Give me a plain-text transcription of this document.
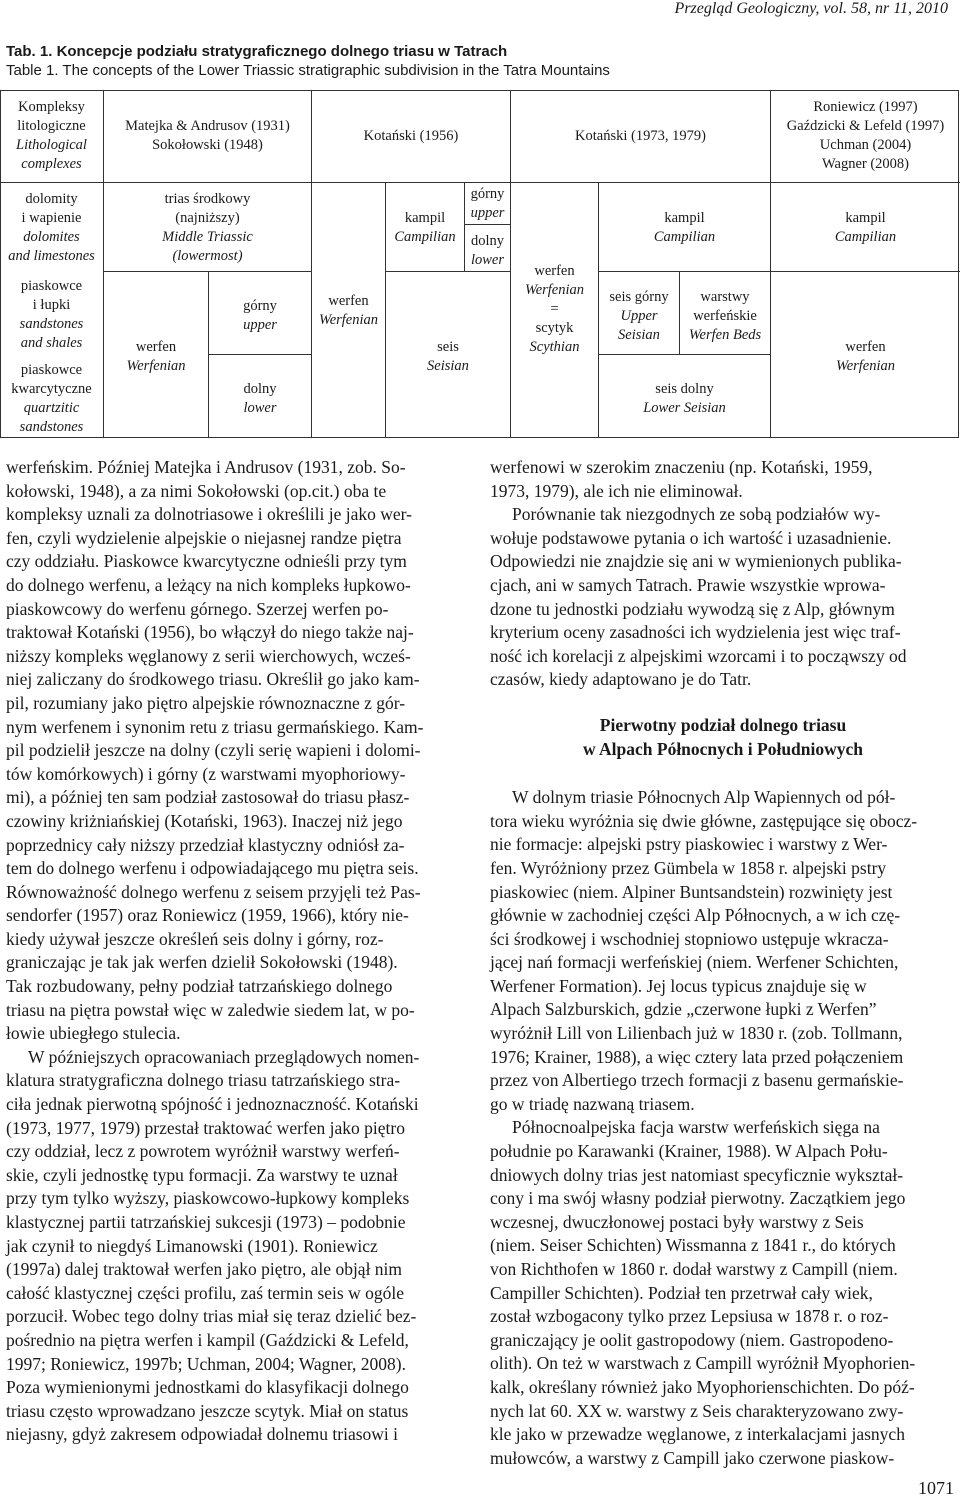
Przegląd Geologiczny, vol. 58, nr 11, 2010
Tab. 1. Koncepcje podziału stratygraficznego dolnego triasu w Tatrach
Table 1. The concepts of the Lower Triassic stratigraphic subdivision in the Tatra Mountains
Kompleksy
litologiczne
Lithological
complexes
Matejka & Andrusov (1931)
Sokołowski (1948)
Kotański (1956)	Kotański (1973, 1979)
Roniewicz (1997)
Gaździcki & Lefeld (1997)
Uchman (2004)
Wagner (2008)
dolomity
i wapienie
dolomites
and limestones
piaskowce
i łupki
sandstones
and shales
piaskowce
kwarcytyczne
quartzitic
sandstones
trias środkowy
(najniższy)
Middle Triassic
(lowermost)
werfen
Werfenian
górny
upper
dolny
lower
werfen
Werfenian
kampil
Campilian
górny
upper
dolny
lower
seis
Seisian
werfen
Werfenian
=
scytyk
Scythian
kampil
Campilian
seis górny
Upper
Seisian
warstwy
werfeńskie
Werfen Beds
seis dolny
Lower Seisian
kampil
Campilian
werfen
Werfenian

werfeńskim. Później Matejka i Andrusov (1931, zob. So-
kołowski, 1948), a za nimi Sokołowski (op.cit.) oba te
kompleksy uznali za dolnotriasowe i określili je jako wer-
fen, czyli wydzielenie alpejskie o niejasnej randze piętra
czy oddziału. Piaskowce kwarcytyczne odnieśli przy tym
do dolnego werfenu, a leżący na nich kompleks łupkowo-
piaskowcowy do werfenu górnego. Szerzej werfen po-
traktował Kotański (1956), bo włączył do niego także naj-
niższy kompleks węglanowy z serii wierchowych, wcześ-
niej zaliczany do środkowego triasu. Określił go jako kam-
pil, rozumiany jako piętro alpejskie równoznaczne z gór-
nym werfenem i synonim retu z triasu germańskiego. Kam-
pil podzielił jeszcze na dolny (czyli serię wapieni i dolomi-
tów komórkowych) i górny (z warstwami myophoriowy-
mi), a później ten sam podział zastosował do triasu płasz-
czowiny kriżniańskiej (Kotański, 1963). Inaczej niż jego
poprzednicy cały niższy przedział klastyczny odniósł za-
tem do dolnego werfenu i odpowiadającego mu piętra seis.
Równoważność dolnego werfenu z seisem przyjęli też Pas-
sendorfer (1957) oraz Roniewicz (1959, 1966), który nie-
kiedy używał jeszcze określeń seis dolny i górny, roz-
graniczając je tak jak werfen dzielił Sokołowski (1948).
Tak rozbudowany, pełny podział tatrzańskiego dolnego
triasu na piętra powstał więc w zaledwie siedem lat, w po-
łowie ubiegłego stulecia.

W późniejszych opracowaniach przeglądowych nomen-
klatura stratygraficzna dolnego triasu tatrzańskiego stra-
ciła jednak pierwotną spójność i jednoznaczność. Kotański
(1973, 1977, 1979) przestał traktować werfen jako piętro
czy oddział, lecz z powrotem wyróżnił warstwy werfeń-
skie, czyli jednostkę typu formacji. Za warstwy te uznał
przy tym tylko wyższy, piaskowcowo-łupkowy kompleks
klastycznej partii tatrzańskiej sukcesji (1973) – podobnie
jak czynił to niegdyś Limanowski (1901). Roniewicz
(1997a) dalej traktował werfen jako piętro, ale objął nim
całość klastycznej części profilu, zaś termin seis w ogóle
porzucił. Wobec tego dolny trias miał się teraz dzielić bez-
pośrednio na piętra werfen i kampil (Gaździcki & Lefeld,
1997; Roniewicz, 1997b; Uchman, 2004; Wagner, 2008).
Poza wymienionymi jednostkami do klasyfikacji dolnego
triasu często wprowadzano jeszcze scytyk. Miał on status
niejasny, gdyż zakresem odpowiadał dolnemu triasowi i

werfenowi w szerokim znaczeniu (np. Kotański, 1959,
1973, 1979), ale ich nie eliminował.
Porównanie tak niezgodnych ze sobą podziałów wy-
wołuje podstawowe pytania o ich wartość i uzasadnienie.
Odpowiedzi nie znajdzie się ani w wymienionych publika-
cjach, ani w samych Tatrach. Prawie wszystkie wprowa-
dzone tu jednostki podziału wywodzą się z Alp, głównym
kryterium oceny zasadności ich wydzielenia jest więc traf-
ność ich korelacji z alpejskimi wzorcami i to począwszy od
czasów, kiedy adaptowano je do Tatr.

Pierwotny podział dolnego triasu
w Alpach Północnych i Południowych

W dolnym triasie Północnych Alp Wapiennych od pół-
tora wieku wyróżnia się dwie główne, zastępujące się obocz-
nie formacje: alpejski pstry piaskowiec i warstwy z Wer-
fen. Wyróżniony przez Gümbela w 1858 r. alpejski pstry
piaskowiec (niem. Alpiner Buntsandstein) rozwinięty jest
głównie w zachodniej części Alp Północnych, a w ich czę-
ści środkowej i wschodniej stopniowo ustępuje wkracza-
jącej nań formacji werfeńskiej (niem. Werfener Schichten,
Werfener Formation). Jej locus typicus znajduje się w
Alpach Salzburskich, gdzie „czerwone łupki z Werfen”
wyróżnił Lill von Lilienbach już w 1830 r. (zob. Tollmann,
1976; Krainer, 1988), a więc cztery lata przed połączeniem
przez von Albertiego trzech formacji z basenu germańskie-
go w triadę nazwaną triasem.
Północnoalpejska facja warstw werfeńskich sięga na
południe po Karawanki (Krainer, 1988). W Alpach Połu-
dniowych dolny trias jest natomiast specyficznie wykształ-
cony i ma swój własny podział pierwotny. Zaczątkiem jego
wczesnej, dwuczłonowej postaci były warstwy z Seis
(niem. Seiser Schichten) Wissmanna z 1841 r., do których
von Richthofen w 1860 r. dodał warstwy z Campill (niem.
Campiller Schichten). Podział ten przetrwał cały wiek,
został wzbogacony tylko przez Lepsiusa w 1878 r. o roz-
graniczający je oolit gastropodowy (niem. Gastropodeno-
olith). On też w warstwach z Campill wyróżnił Myophorien-
kalk, określany również jako Myophorienschichten. Do póź-
nych lat 60. XX w. warstwy z Seis charakteryzowano zwy-
kle jako w przewadze węglanowe, z interkalacjami jasnych
mułowców, a warstwy z Campill jako czerwone piaskow-

1071
